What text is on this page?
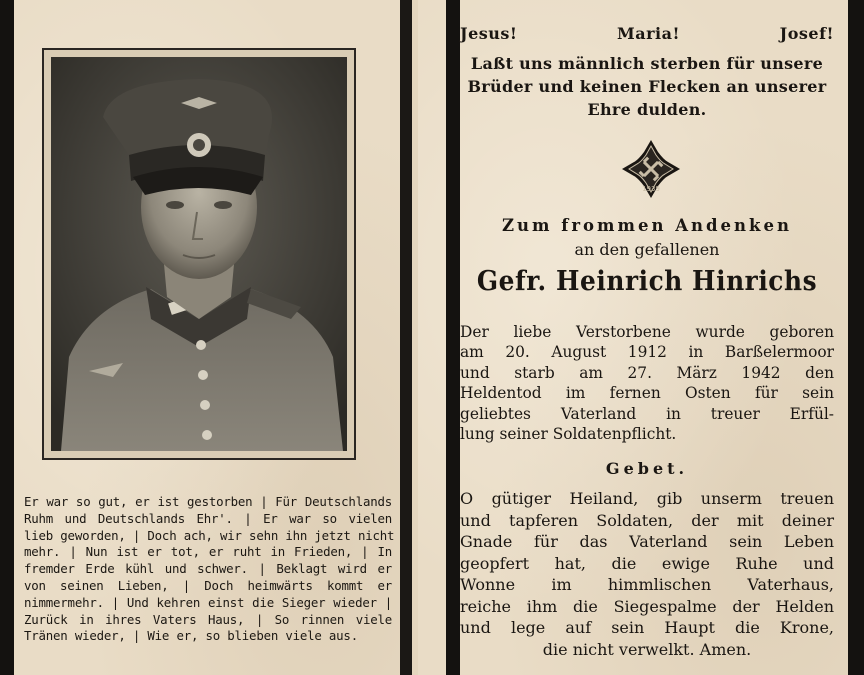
Er war so gut, er ist gestorben | Für Deutschlands
Ruhm und Deutschlands Ehr'. | Er war so vielen
lieb geworden, | Doch ach, wir sehn ihn jetzt nicht
mehr. | Nun ist er tot, er ruht in Frieden, | In
fremder Erde kühl und schwer. | Beklagt wird er
von seinen Lieben, | Doch heimwärts kommt er
nimmermehr. | Und kehren einst die Sieger wieder |
Zurück in ihres Vaters Haus, | So rinnen viele
Tränen wieder, | Wie er, so blieben viele aus.
Jesus!	Maria!	Josef!
Laßt uns männlich sterben für unsere
Brüder und keinen Flecken an unserer
Ehre dulden.
1939
Zum frommen Andenken
an den gefallenen
Gefr. Heinrich Hinrichs
Der liebe Verstorbene wurde geboren
am 20. August 1912 in Barßelermoor
und starb am 27. März 1942 den
Heldentod im fernen Osten für sein
geliebtes Vaterland in treuer Erfül-
lung seiner Soldatenpflicht.
Gebet.
O gütiger Heiland, gib unserm treuen
und tapferen Soldaten, der mit deiner
Gnade für das Vaterland sein Leben
geopfert hat, die ewige Ruhe und
Wonne im himmlischen Vaterhaus,
reiche ihm die Siegespalme der Helden
und lege auf sein Haupt die Krone,
die nicht verwelkt. Amen.
